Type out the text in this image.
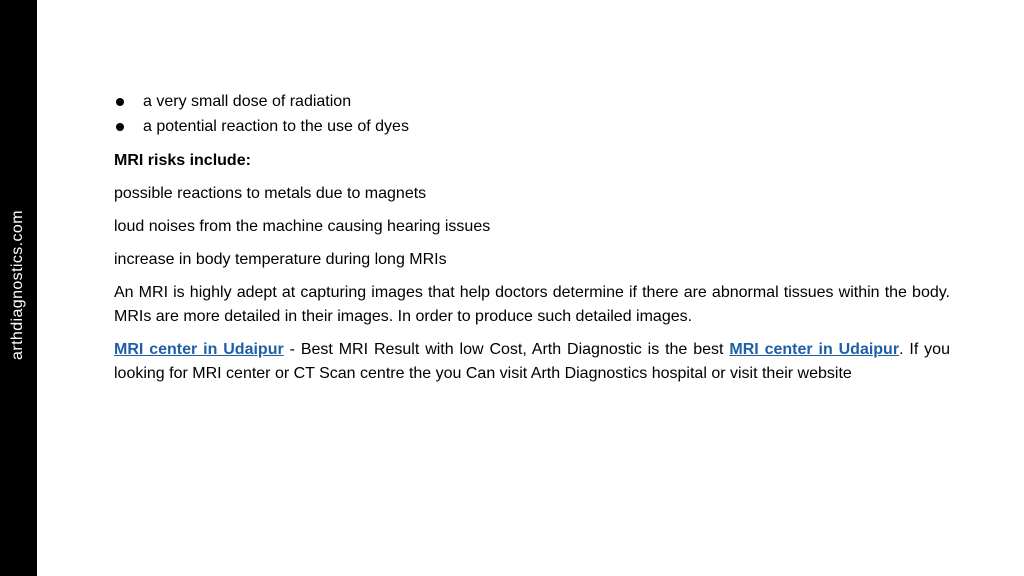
arthdiagnostics.com
a very small dose of radiation
a potential reaction to the use of dyes
MRI risks include:
possible reactions to metals due to magnets
loud noises from the machine causing hearing issues
increase in body temperature during long MRIs
An MRI is highly adept at capturing images that help doctors determine if there are abnormal tissues within the body. MRIs are more detailed in their images. In order to produce such detailed images.
MRI center in Udaipur - Best MRI Result with low Cost, Arth Diagnostic is the best MRI center in Udaipur. If you looking for MRI center or CT Scan centre the you Can visit Arth Diagnostics hospital or visit their website
